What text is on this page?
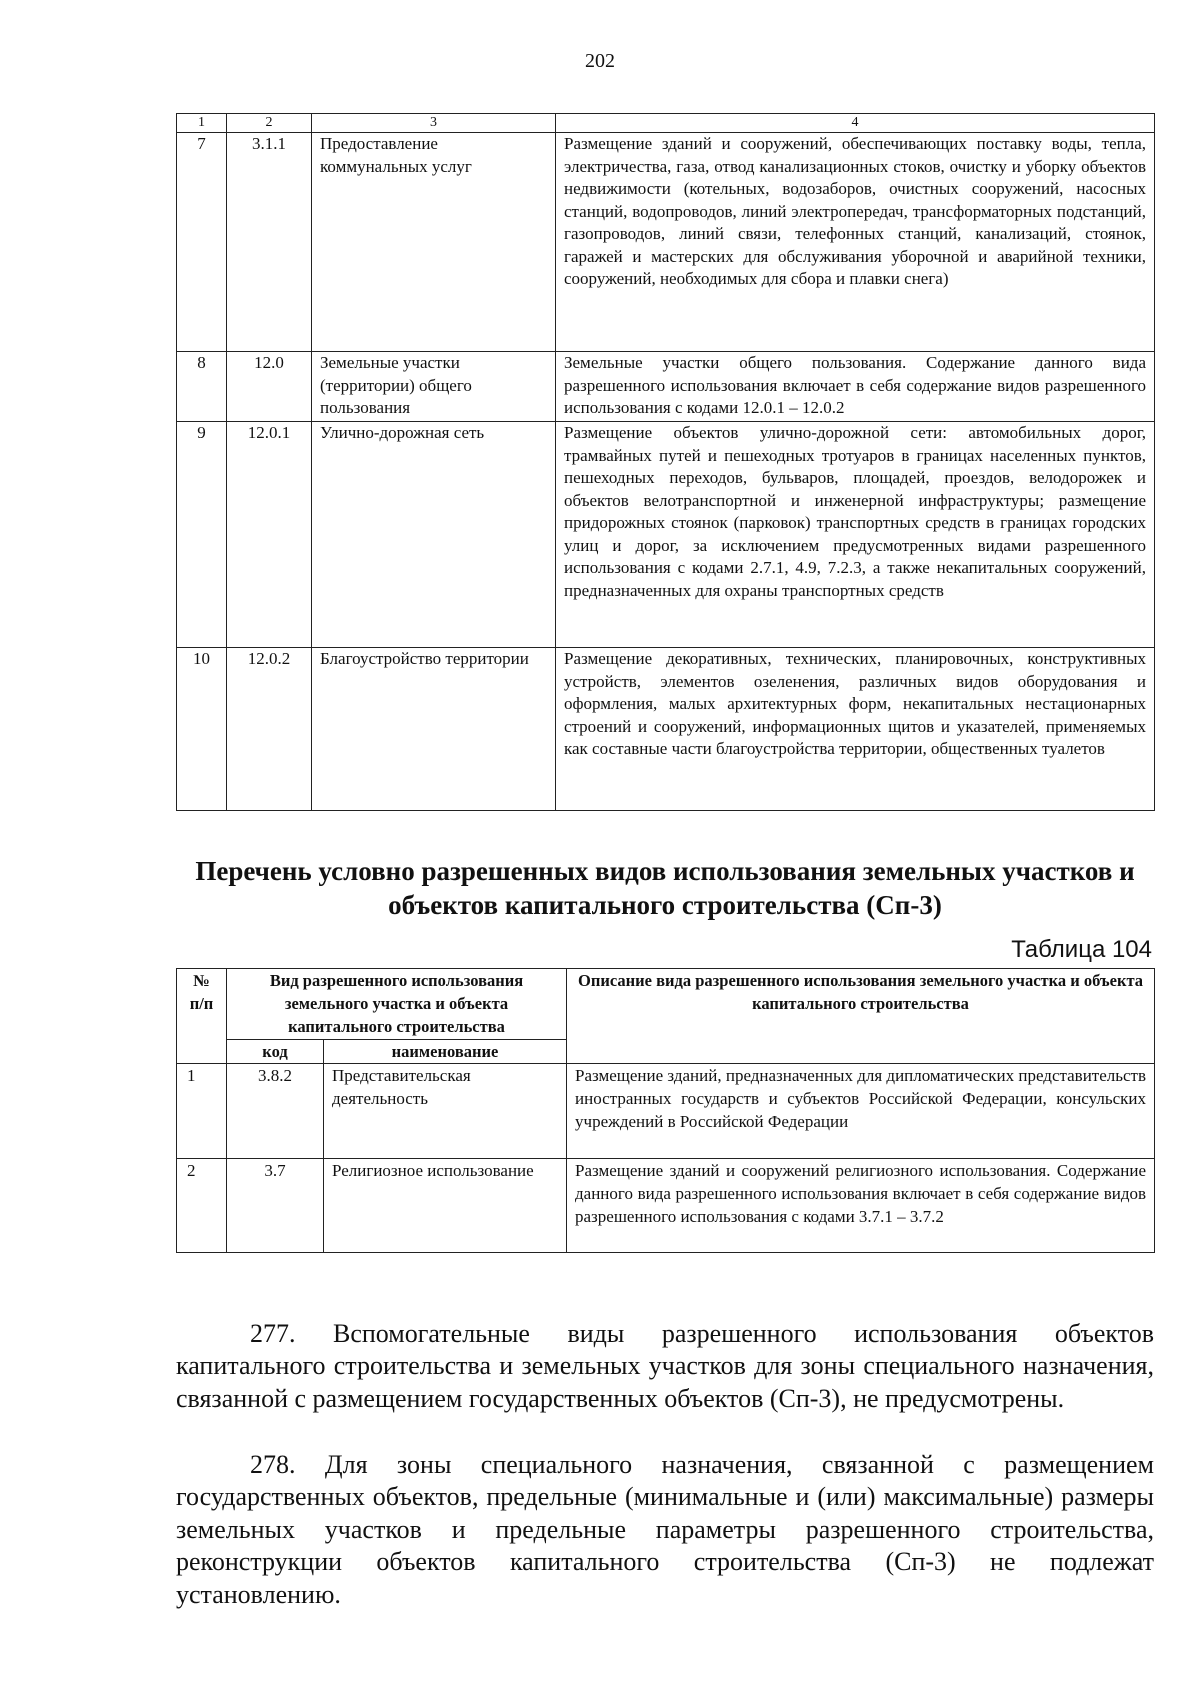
202
1	2	3	4
7	3.1.1	Предоставление коммунальных услуг	Размещение зданий и сооружений, обеспечивающих поставку воды, тепла, электричества, газа, отвод канализационных стоков, очистку и уборку объектов недвижимости (котельных, водозаборов, очистных сооружений, насосных станций, водопроводов, линий электропередач, трансформаторных подстанций, газопроводов, линий связи, телефонных станций, канализаций, стоянок, гаражей и мастерских для обслуживания уборочной и аварийной техники, сооружений, необходимых для сбора и плавки снега)
8	12.0	Земельные участки (территории) общего пользования	Земельные участки общего пользования. Содержание данного вида разрешенного использования включает в себя содержание видов разрешенного использования с кодами 12.0.1 – 12.0.2
9	12.0.1	Улично-дорожная сеть	Размещение объектов улично-дорожной сети: автомобильных дорог, трамвайных путей и пешеходных тротуаров в границах населенных пунктов, пешеходных переходов, бульваров, площадей, проездов, велодорожек и объектов велотранспортной и инженерной инфраструктуры; размещение придорожных стоянок (парковок) транспортных средств в границах городских улиц и дорог, за исключением предусмотренных видами разрешенного использования с кодами 2.7.1, 4.9, 7.2.3, а также некапитальных сооружений, предназначенных для охраны транспортных средств
10	12.0.2	Благоустройство территории	Размещение декоративных, технических, планировочных, конструктивных устройств, элементов озеленения, различных видов оборудования и оформления, малых архитектурных форм, некапитальных нестационарных строений и сооружений, информационных щитов и указателей, применяемых как составные части благоустройства территории, общественных туалетов
Перечень условно разрешенных видов использования земельных участков и объектов капитального строительства (Сп-3)
Таблица 104
№ п/п	Вид разрешенного использования земельного участка и объекта капитального строительства		Описание вида разрешенного использования земельного участка и объекта капитального строительства
	код	наименование	
1	3.8.2	Представительская деятельность	Размещение зданий, предназначенных для дипломатических представительств иностранных государств и субъектов Российской Федерации, консульских учреждений в Российской Федерации
2	3.7	Религиозное использование	Размещение зданий и сооружений религиозного использования. Содержание данного вида разрешенного использования включает в себя содержание видов разрешенного использования с кодами 3.7.1 – 3.7.2

277. Вспомогательные виды разрешенного использования объектов капитального строительства и земельных участков для зоны специального назначения, связанной с размещением государственных объектов (Сп-3), не предусмотрены.

278. Для зоны специального назначения, связанной с размещением государственных объектов, предельные (минимальные и (или) максимальные) размеры земельных участков и предельные параметры разрешенного строительства, реконструкции объектов капитального строительства (Сп-3) не подлежат установлению.
